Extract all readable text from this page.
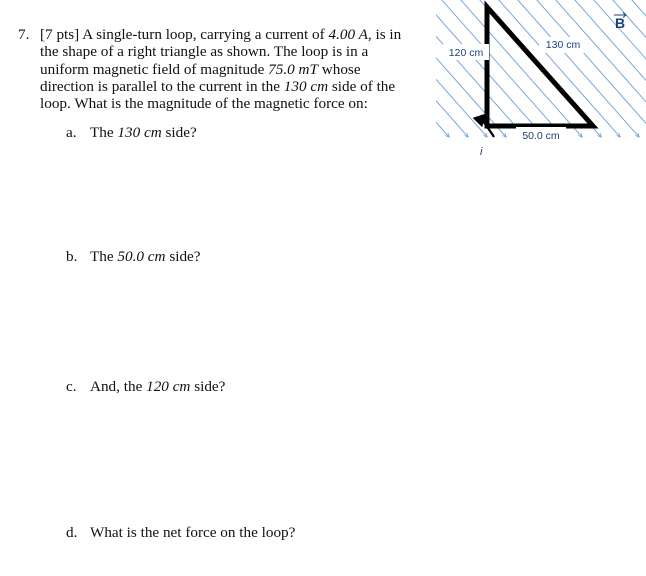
7. [7 pts] A single-turn loop, carrying a current of 4.00 A, is in
the shape of a right triangle as shown. The loop is in a
uniform magnetic field of magnitude 75.0 mT whose
direction is parallel to the current in the 130 cm side of the
loop. What is the magnitude of the magnetic force on:
a. The 130 cm side?
b. The 50.0 cm side?
c. And, the 120 cm side?
d. What is the net force on the loop?
120 cm
130 cm
50.0 cm
i
B
